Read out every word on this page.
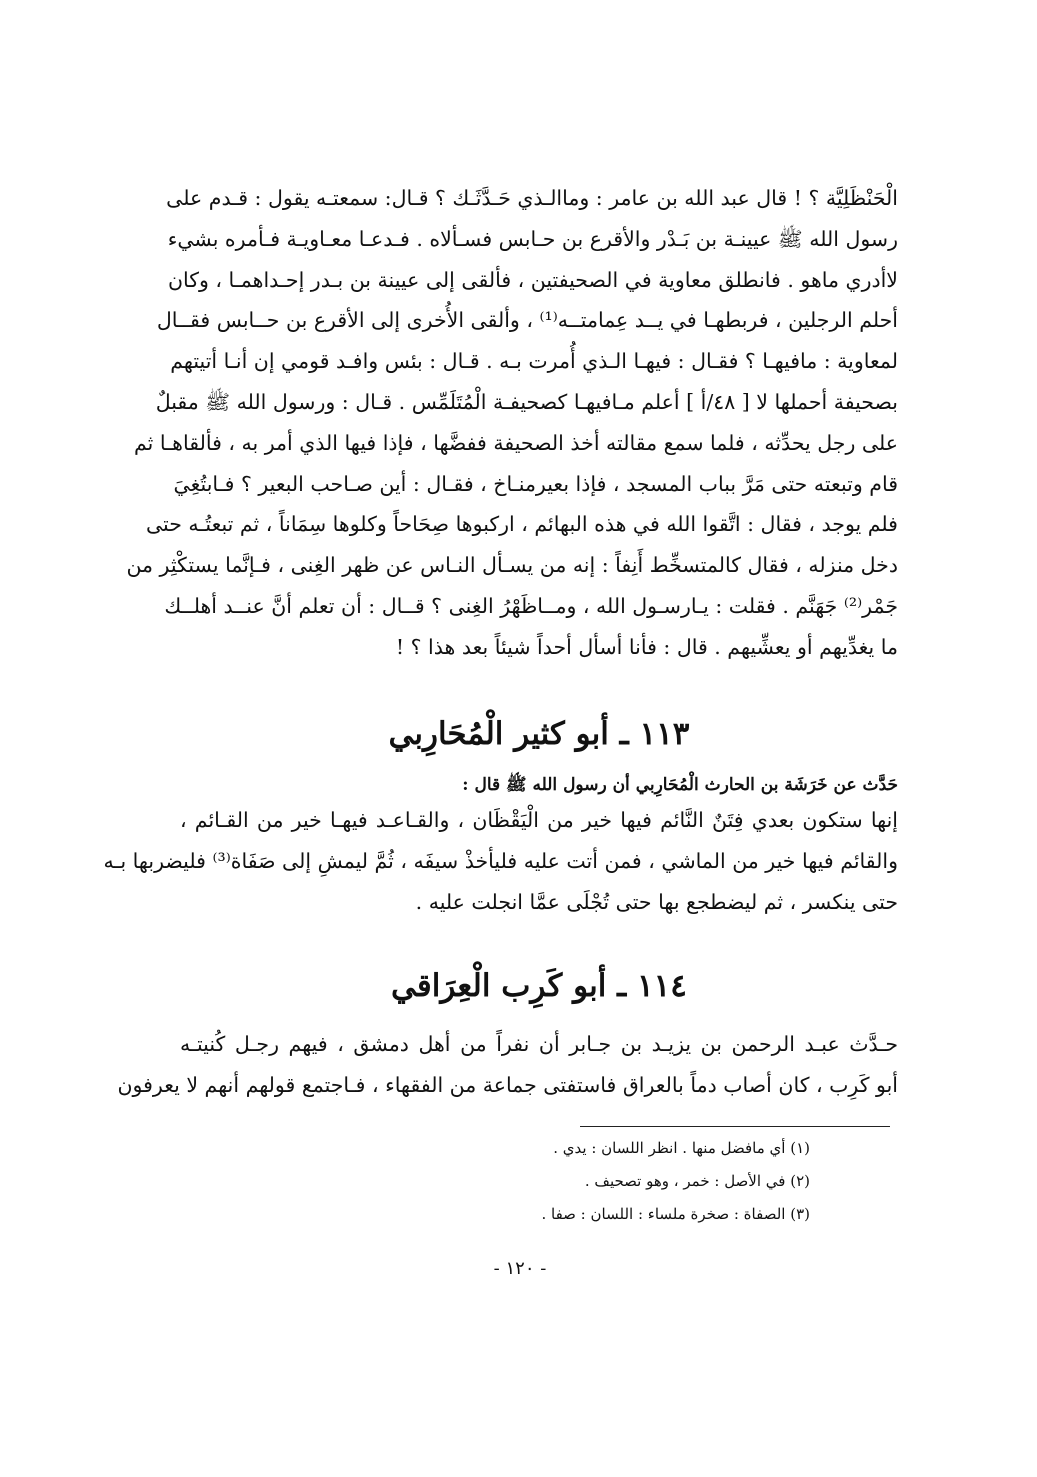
الْحَنْظَلِيَّة ؟ ! قال عبد الله بن عامر : وماالـذي حَـدَّثَـك ؟ قـال: سمعتـه يقول : قـدم على
رسول الله ﷺ عيينـة بن بَـدْر والأقرع بن حـابس فسـألاه . فـدعـا معـاويـة فـأمره بشيء
لاأدري ماهو . فانطلق معاوية في الصحيفتين ، فألقى إلى عيينة بن بـدر إحـداهمـا ، وكان
أحلم الرجلين ، فربطهـا في يــد عِمامتــه⁽¹⁾ ، وألقى الأُخرى إلى الأقرع بن حــابس فقــال
لمعاوية : مافيهـا ؟ فقـال : فيهـا الـذي أُمرت بـه . قـال : بئس وافـد قومي إن أنـا أتيتهم
بصحيفة أحملها لا [ ٤٨/أ ] أعلم مـافيهـا كصحيفـة الْمُتَلَمِّس . قـال : ورسول الله ﷺ مقبلٌ
على رجل يحدِّثه ، فلما سمع مقالته أخذ الصحيفة ففضَّها ، فإذا فيها الذي أمر به ، فألقاهـا ثم
قام وتبعته حتى مَرَّ بباب المسجد ، فإذا بعيرمنـاخ ، فقـال : أين صـاحب البعير ؟ فـابتُغِيَ
فلم يوجد ، فقال : اتَّقوا الله في هذه البهائم ، اركبوها صِحَاحاً وكلوها سِمَاناً ، ثم تبعتُـه حتى
دخل منزله ، فقال كالمتسخِّط أَنِفاً : إنه من يسـأل النـاس عن ظهر الغِنى ، فـإنَّما يستكْثِر من
جَمْر⁽²⁾ جَهَنَّم . فقلت : يـارسـول الله ، ومــاظَهْرُ الغِنى ؟ قــال : أن تعلم أنَّ عنــد أهلــك
ما يغدِّيهم أو يعشِّيهم . قال : فأنا أسأل أحداً شيئاً بعد هذا ؟ !
١١٣ ـ أبو كثير الْمُحَارِبي
حَدَّث عن خَرَشَة بن الحارث الْمُحَارِبي أن رسول الله ﷺ قال :
إنها ستكون بعدي فِتَنٌ النَّائم فيها خير من الْيَقْظَان ، والقـاعـد فيهـا خير من القـائم ،
والقائم فيها خير من الماشي ، فمن أتت عليه فليأخذْ سيفَه ، ثُمَّ ليمشِ إلى صَفَاة⁽³⁾ فليضربها بـه
حتى ينكسر ، ثم ليضطجع بها حتى تُجْلَى عمَّا انجلت عليه .
١١٤ ـ أبو كَرِب الْعِرَاقي
حـدَّث عبـد الرحمن بن يزيـد بن جـابر أن نفراً من أهل دمشق ، فيهم رجـل كُنيتـه
أبو كَرِب ، كان أصاب دماً بالعراق فاستفتى جماعة من الفقهاء ، فـاجتمع قولهم أنهم لا يعرفون
(١) أي مافضل منها . انظر اللسان : يدي .
(٢) في الأصل : خمر ، وهو تصحيف .
(٣) الصفاة : صخرة ملساء : اللسان : صفا .
- ١٢٠ -
